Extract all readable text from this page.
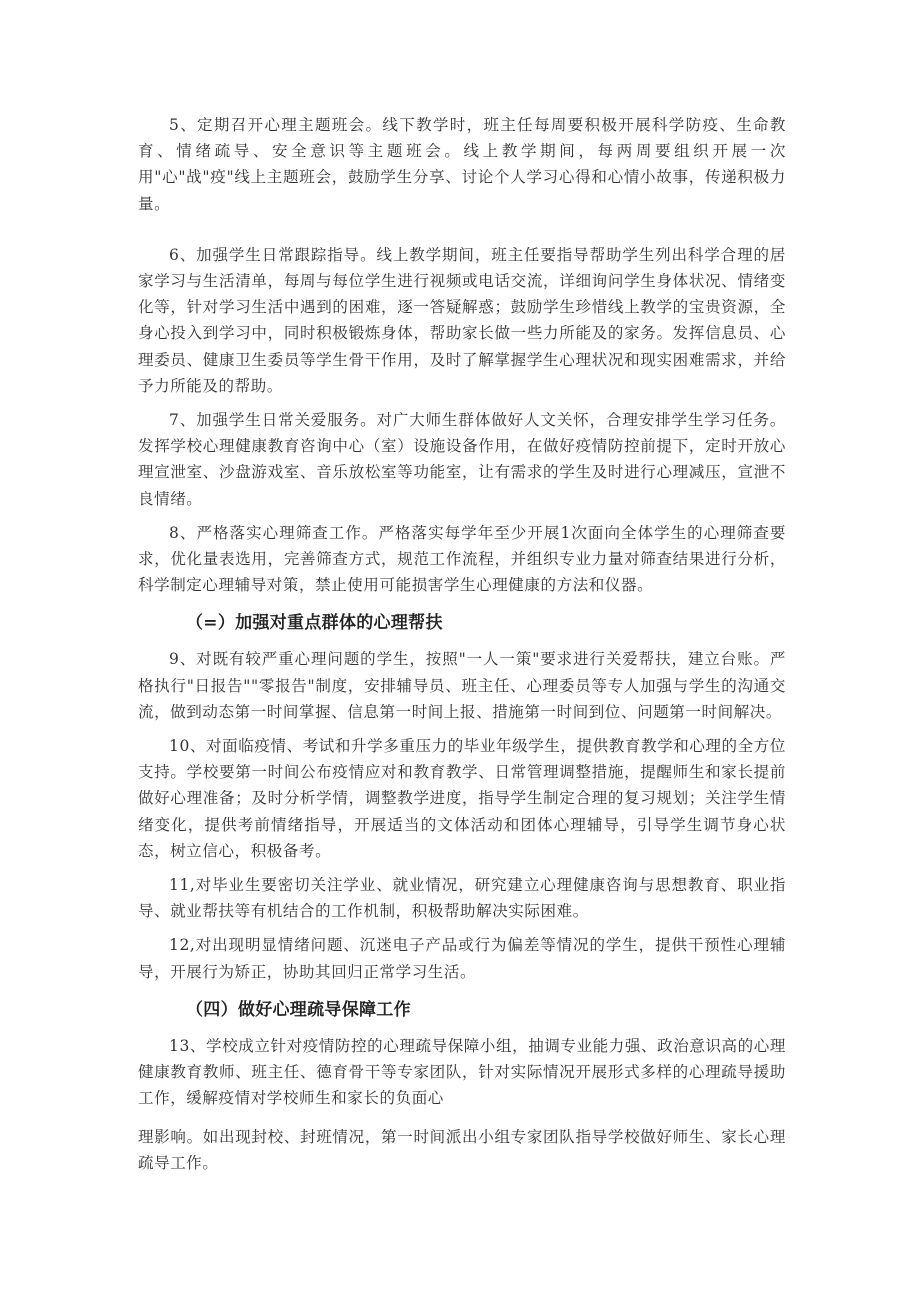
5、定期召开心理主题班会。线下教学时，班主任每周要积极开展科学防疫、生命教育、情绪疏导、安全意识等主题班会。线上教学期间，每两周要组织开展一次用"心"战"疫"线上主题班会，鼓励学生分享、讨论个人学习心得和心情小故事，传递积极力量。

6、加强学生日常跟踪指导。线上教学期间，班主任要指导帮助学生列出科学合理的居家学习与生活清单，每周与每位学生进行视频或电话交流，详细询问学生身体状况、情绪变化等，针对学习生活中遇到的困难，逐一答疑解惑；鼓励学生珍惜线上教学的宝贵资源，全身心投入到学习中，同时积极锻炼身体，帮助家长做一些力所能及的家务。发挥信息员、心理委员、健康卫生委员等学生骨干作用，及时了解掌握学生心理状况和现实困难需求，并给予力所能及的帮助。

7、加强学生日常关爱服务。对广大师生群体做好人文关怀，合理安排学生学习任务。发挥学校心理健康教育咨询中心（室）设施设备作用，在做好疫情防控前提下，定时开放心理宣泄室、沙盘游戏室、音乐放松室等功能室，让有需求的学生及时进行心理减压，宣泄不良情绪。

8、严格落实心理筛查工作。严格落实每学年至少开展1次面向全体学生的心理筛查要求，优化量表选用，完善筛查方式，规范工作流程，并组织专业力量对筛查结果进行分析，科学制定心理辅导对策，禁止使用可能损害学生心理健康的方法和仪器。

（=）加强对重点群体的心理帮扶

9、对既有较严重心理问题的学生，按照"一人一策"要求进行关爱帮扶，建立台账。严格执行"日报告""零报告"制度，安排辅导员、班主任、心理委员等专人加强与学生的沟通交流，做到动态第一时间掌握、信息第一时间上报、措施第一时间到位、问题第一时间解决。

10、对面临疫情、考试和升学多重压力的毕业年级学生，提供教育教学和心理的全方位支持。学校要第一时间公布疫情应对和教育教学、日常管理调整措施，提醒师生和家长提前做好心理准备；及时分析学情，调整教学进度，指导学生制定合理的复习规划；关注学生情绪变化，提供考前情绪指导，开展适当的文体活动和团体心理辅导，引导学生调节身心状态，树立信心，积极备考。

11,对毕业生要密切关注学业、就业情况，研究建立心理健康咨询与思想教育、职业指导、就业帮扶等有机结合的工作机制，积极帮助解决实际困难。

12,对出现明显情绪问题、沉迷电子产品或行为偏差等情况的学生，提供干预性心理辅导，开展行为矫正，协助其回归正常学习生活。

（四）做好心理疏导保障工作

13、学校成立针对疫情防控的心理疏导保障小组，抽调专业能力强、政治意识高的心理健康教育教师、班主任、德育骨干等专家团队，针对实际情况开展形式多样的心理疏导援助工作，缓解疫情对学校师生和家长的负面心

理影响。如出现封校、封班情况，第一时间派出小组专家团队指导学校做好师生、家长心理疏导工作。
